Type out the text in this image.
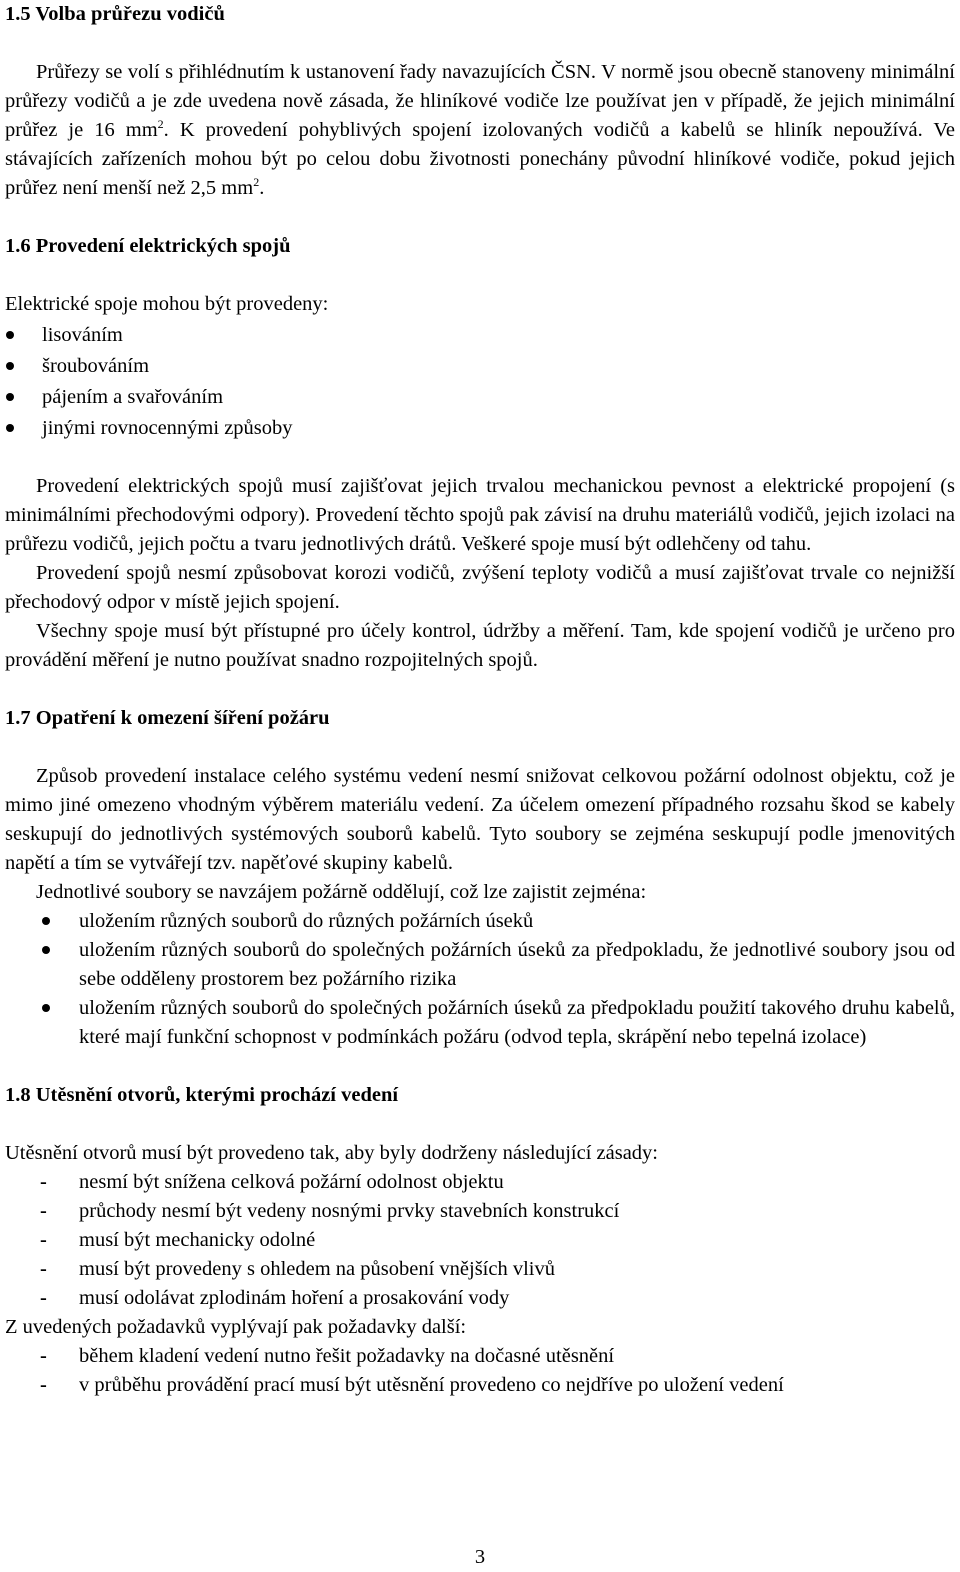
1.5 Volba průřezu vodičů

Průřezy se volí s přihlédnutím k ustanovení řady navazujících ČSN. V normě jsou obecně stanoveny minimální průřezy vodičů a je zde uvedena nově zásada, že hliníkové vodiče lze používat jen v případě, že jejich minimální průřez je 16 $mm^2$. K provedení pohyblivých spojení izolovaných vodičů a kabelů se hliník nepoužívá. Ve stávajících zařízeních mohou být po celou dobu životnosti ponechány původní hliníkové vodiče, pokud jejich průřez není menší než 2,5 $mm^2$.

1.6 Provedení elektrických spojů

Elektrické spoje mohou být provedeny:

lisováním
šroubováním
pájením a svařováním
jinými rovnocennými způsoby

Provedení elektrických spojů musí zajišťovat jejich trvalou mechanickou pevnost a elektrické propojení (s minimálními přechodovými odpory). Provedení těchto spojů pak závisí na druhu materiálů vodičů, jejich izolaci na průřezu vodičů, jejich počtu a tvaru jednotlivých drátů. Veškeré spoje musí být odlehčeny od tahu.

Provedení spojů nesmí způsobovat korozi vodičů, zvýšení teploty vodičů a musí zajišťovat trvale co nejnižší přechodový odpor v místě jejich spojení.

Všechny spoje musí být přístupné pro účely kontrol, údržby a měření. Tam, kde spojení vodičů je určeno pro provádění měření je nutno používat snadno rozpojitelných spojů.

1.7 Opatření k omezení šíření požáru

Způsob provedení instalace celého systému vedení nesmí snižovat celkovou požární odolnost objektu, což je mimo jiné omezeno vhodným výběrem materiálu vedení. Za účelem omezení případného rozsahu škod se kabely seskupují do jednotlivých systémových souborů kabelů. Tyto soubory se zejména seskupují podle jmenovitých napětí a tím se vytvářejí tzv. napěťové skupiny kabelů.

Jednotlivé soubory se navzájem požárně oddělují, což lze zajistit zejména:

uložením různých souborů do různých požárních úseků
uložením různých souborů do společných požárních úseků za předpokladu, že jednotlivé soubory jsou od sebe odděleny prostorem bez požárního rizika
uložením různých souborů do společných požárních úseků za předpokladu použití takového druhu kabelů, které mají funkční schopnost v podmínkách požáru (odvod tepla, skrápění nebo tepelná izolace)
1.8 Utěsnění otvorů, kterými prochází vedení

Utěsnění otvorů musí být provedeno tak, aby byly dodrženy následující zásady:

- nesmí být snížena celková požární odolnost objektu
- průchody nesmí být vedeny nosnými prvky stavebních konstrukcí
- musí být mechanicky odolné
- musí být provedeny s ohledem na působení vnějších vlivů
- musí odolávat zplodinám hoření a prosakování vody

Z uvedených požadavků vyplývají pak požadavky další:

- během kladení vedení nutno řešit požadavky na dočasné utěsnění
- v průběhu provádění prací musí být utěsnění provedeno co nejdříve po uložení vedení
3
